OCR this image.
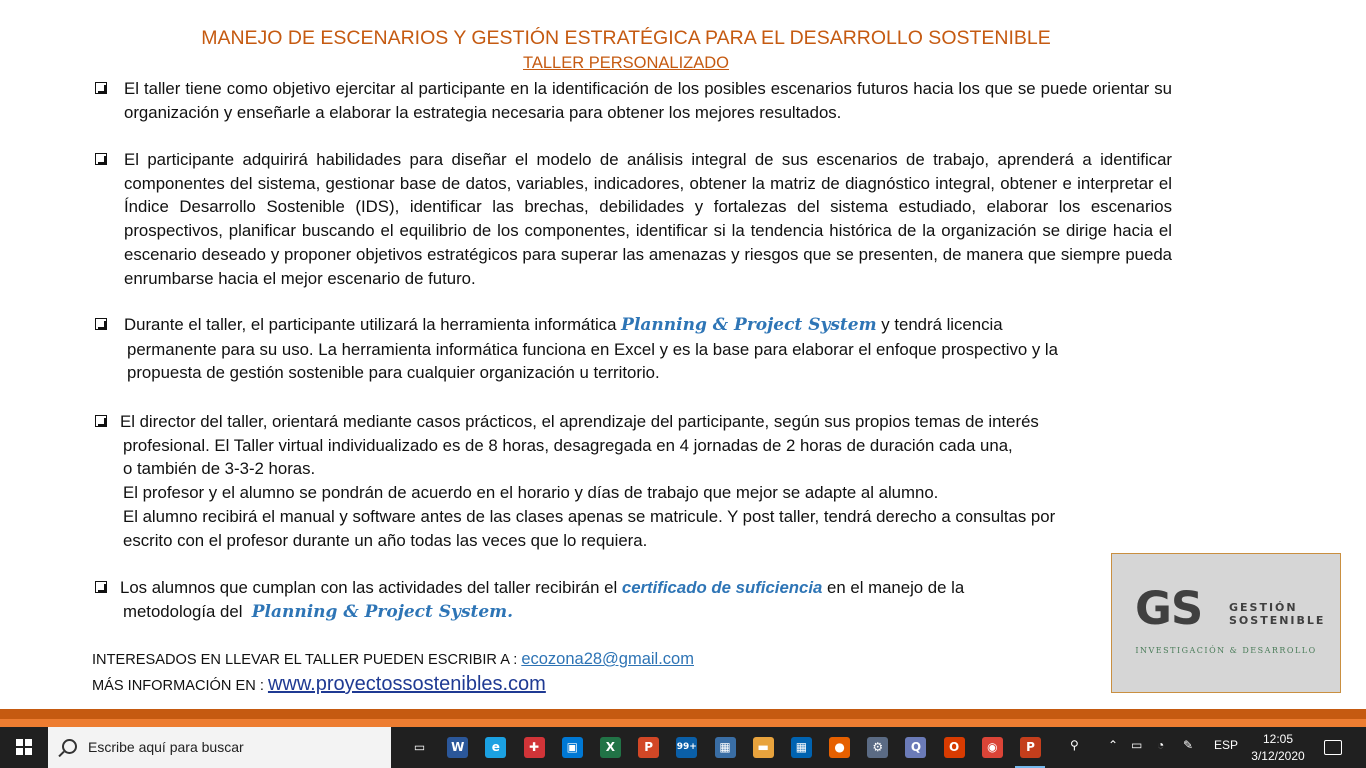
MANEJO DE ESCENARIOS Y GESTIÓN ESTRATÉGICA PARA EL DESARROLLO SOSTENIBLE
TALLER PERSONALIZADO
El taller tiene como objetivo ejercitar al participante en la identificación de los posibles escenarios futuros hacia los que se puede orientar su organización y enseñarle a elaborar la estrategia necesaria para obtener los mejores resultados.
El participante adquirirá habilidades para diseñar el modelo de análisis integral de sus escenarios de trabajo, aprenderá a identificar componentes del sistema, gestionar base de datos, variables, indicadores, obtener la matriz de diagnóstico integral, obtener e interpretar el Índice Desarrollo Sostenible (IDS), identificar las brechas, debilidades y fortalezas del sistema estudiado, elaborar los escenarios prospectivos, planificar buscando el equilibrio de los componentes, identificar si la tendencia histórica de la organización se dirige hacia el escenario deseado y proponer objetivos estratégicos para superar las amenazas y riesgos que se presenten, de manera que siempre pueda enrumbarse hacia el mejor escenario de futuro.
Durante el taller, el participante utilizará la herramienta informática Planning & Project System y tendrá licencia
permanente para su uso. La herramienta informática funciona en Excel y es la base para elaborar el enfoque prospectivo y la
propuesta de gestión sostenible para cualquier organización u territorio.
El director del taller, orientará mediante casos prácticos, el aprendizaje del participante, según sus propios temas de interés
profesional. El Taller virtual individualizado es de 8 horas, desagregada en 4 jornadas de 2 horas de duración cada una,
o también de 3-3-2 horas.
El profesor y el alumno se pondrán de acuerdo en el horario y días de trabajo que mejor se adapte al alumno.
El alumno recibirá el manual y software antes de las clases apenas se matricule. Y post taller, tendrá derecho a consultas por
escrito con el profesor durante un año todas las veces que lo requiera.
Los alumnos que cumplan con las actividades del taller recibirán el certificado de suficiencia en el manejo de la
metodología del Planning & Project System.
INTERESADOS EN LLEVAR EL TALLER PUEDEN ESCRIBIR A : ecozona28@gmail.com
MÁS INFORMACIÓN EN : www.proyectossostenibles.com
GS GESTIÓN
SOSTENIBLE
INVESTIGACIÓN & DESARROLLO
Escribe aquí para buscar	▭	W	e	✚	▣	X	P	99+	▦	▬	▦	●	⚙	Q	O	◉	P	⚲ ⌃ ▭ ◔ ✎ ESP	12:05
3/12/2020
